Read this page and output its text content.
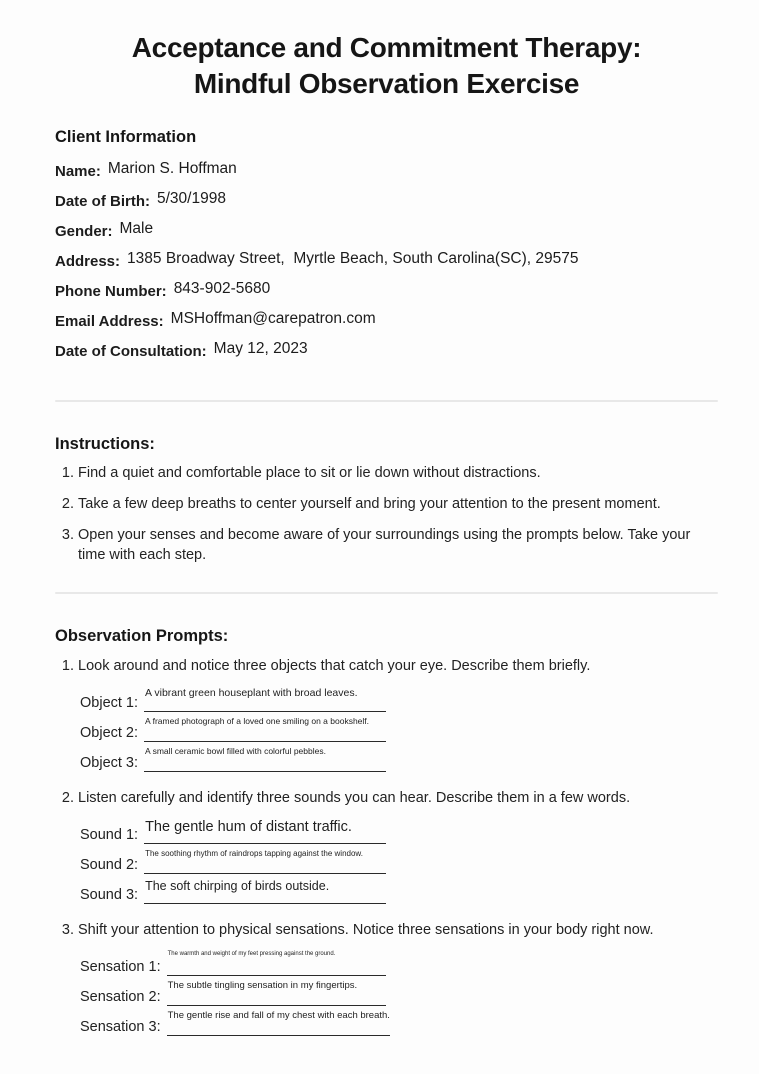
Acceptance and Commitment Therapy:
Mindful Observation Exercise
Client Information
Name: Marion S. Hoffman
Date of Birth: 5/30/1998
Gender: Male
Address: 1385 Broadway Street,  Myrtle Beach, South Carolina(SC), 29575
Phone Number: 843-902-5680
Email Address: MSHoffman@carepatron.com
Date of Consultation: May 12, 2023
Instructions:
1. Find a quiet and comfortable place to sit or lie down without distractions.
2. Take a few deep breaths to center yourself and bring your attention to the present moment.
3. Open your senses and become aware of your surroundings using the prompts below. Take your time with each step.
Observation Prompts:
1. Look around and notice three objects that catch your eye. Describe them briefly.
Object 1:
A vibrant green houseplant with broad leaves.
Object 2:
A framed photograph of a loved one smiling on a bookshelf.
Object 3:
A small ceramic bowl filled with colorful pebbles.
2. Listen carefully and identify three sounds you can hear. Describe them in a few words.
Sound 1: The gentle hum of distant traffic.
Sound 2:
The soothing rhythm of raindrops tapping against the window.
Sound 3:
The soft chirping of birds outside.
3. Shift your attention to physical sensations. Notice three sensations in your body right now.
Sensation 1:
The warmth and weight of my feet pressing against the ground.
Sensation 2:
The subtle tingling sensation in my fingertips.
Sensation 3:
The gentle rise and fall of my chest with each breath.
